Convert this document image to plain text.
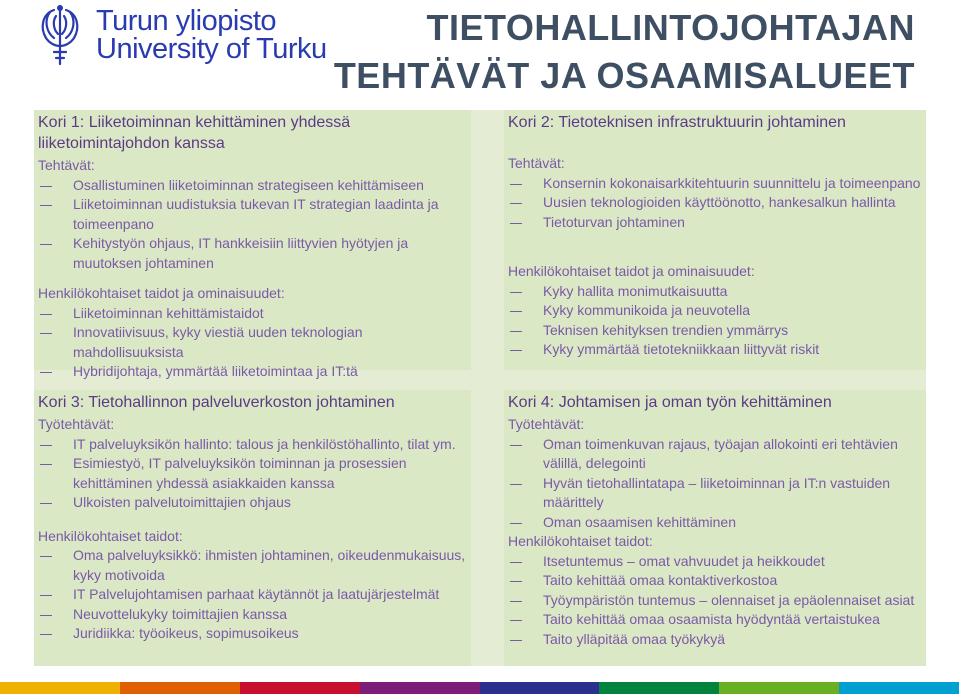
Turun yliopisto
University of Turku
TIETOHALLINTOJOHTAJAN
TEHTÄVÄT JA OSAAMISALUEET
Kori 1: Liiketoiminnan kehittäminen yhdessä liiketoimintajohdon kanssa
Tehtävät:
Osallistuminen liiketoiminnan strategiseen kehittämiseen
Liiketoiminnan uudistuksia tukevan IT strategian laadinta ja toimeenpano
Kehitystyön ohjaus, IT hankkeisiin liittyvien hyötyjen ja muutoksen johtaminen
Henkilökohtaiset taidot ja ominaisuudet:
Liiketoiminnan kehittämistaidot
Innovatiivisuus, kyky viestiä uuden teknologian mahdollisuuksista
Hybridijohtaja, ymmärtää liiketoimintaa ja IT:tä
Kori 2: Tietoteknisen infrastruktuurin johtaminen
Tehtävät:
Konsernin kokonaisarkkitehtuurin suunnittelu ja toimeenpano
Uusien teknologioiden käyttöönotto, hankesalkun hallinta
Tietoturvan johtaminen
Henkilökohtaiset taidot ja ominaisuudet:
Kyky hallita monimutkaisuutta
Kyky kommunikoida ja neuvotella
Teknisen kehityksen trendien ymmärrys
Kyky ymmärtää tietotekniikkaan liittyvät riskit
Kori 3: Tietohallinnon palveluverkoston johtaminen
Työtehtävät:
IT palveluyksikön hallinto: talous ja henkilöstöhallinto, tilat ym.
Esimiestyö, IT palveluyksikön toiminnan ja prosessien kehittäminen yhdessä asiakkaiden kanssa
Ulkoisten palvelutoimittajien ohjaus
Henkilökohtaiset taidot:
Oma palveluyksikkö: ihmisten johtaminen, oikeudenmukaisuus, kyky motivoida
IT Palvelujohtamisen parhaat käytännöt ja laatujärjestelmät
Neuvottelukyky toimittajien kanssa
Juridiikka: työoikeus, sopimusoikeus
Kori 4: Johtamisen ja oman työn kehittäminen
Työtehtävät:
Oman toimenkuvan rajaus, työajan allokointi eri tehtävien välillä, delegointi
Hyvän tietohallintatapa – liiketoiminnan ja IT:n vastuiden määrittely
Oman osaamisen kehittäminen
Henkilökohtaiset taidot:
Itsetuntemus – omat vahvuudet ja heikkoudet
Taito kehittää omaa kontaktiverkostoa
Työympäristön tuntemus – olennaiset ja epäolennaiset asiat
Taito kehittää omaa osaamista hyödyntää vertaistukea
Taito ylläpitää omaa työkykyä
